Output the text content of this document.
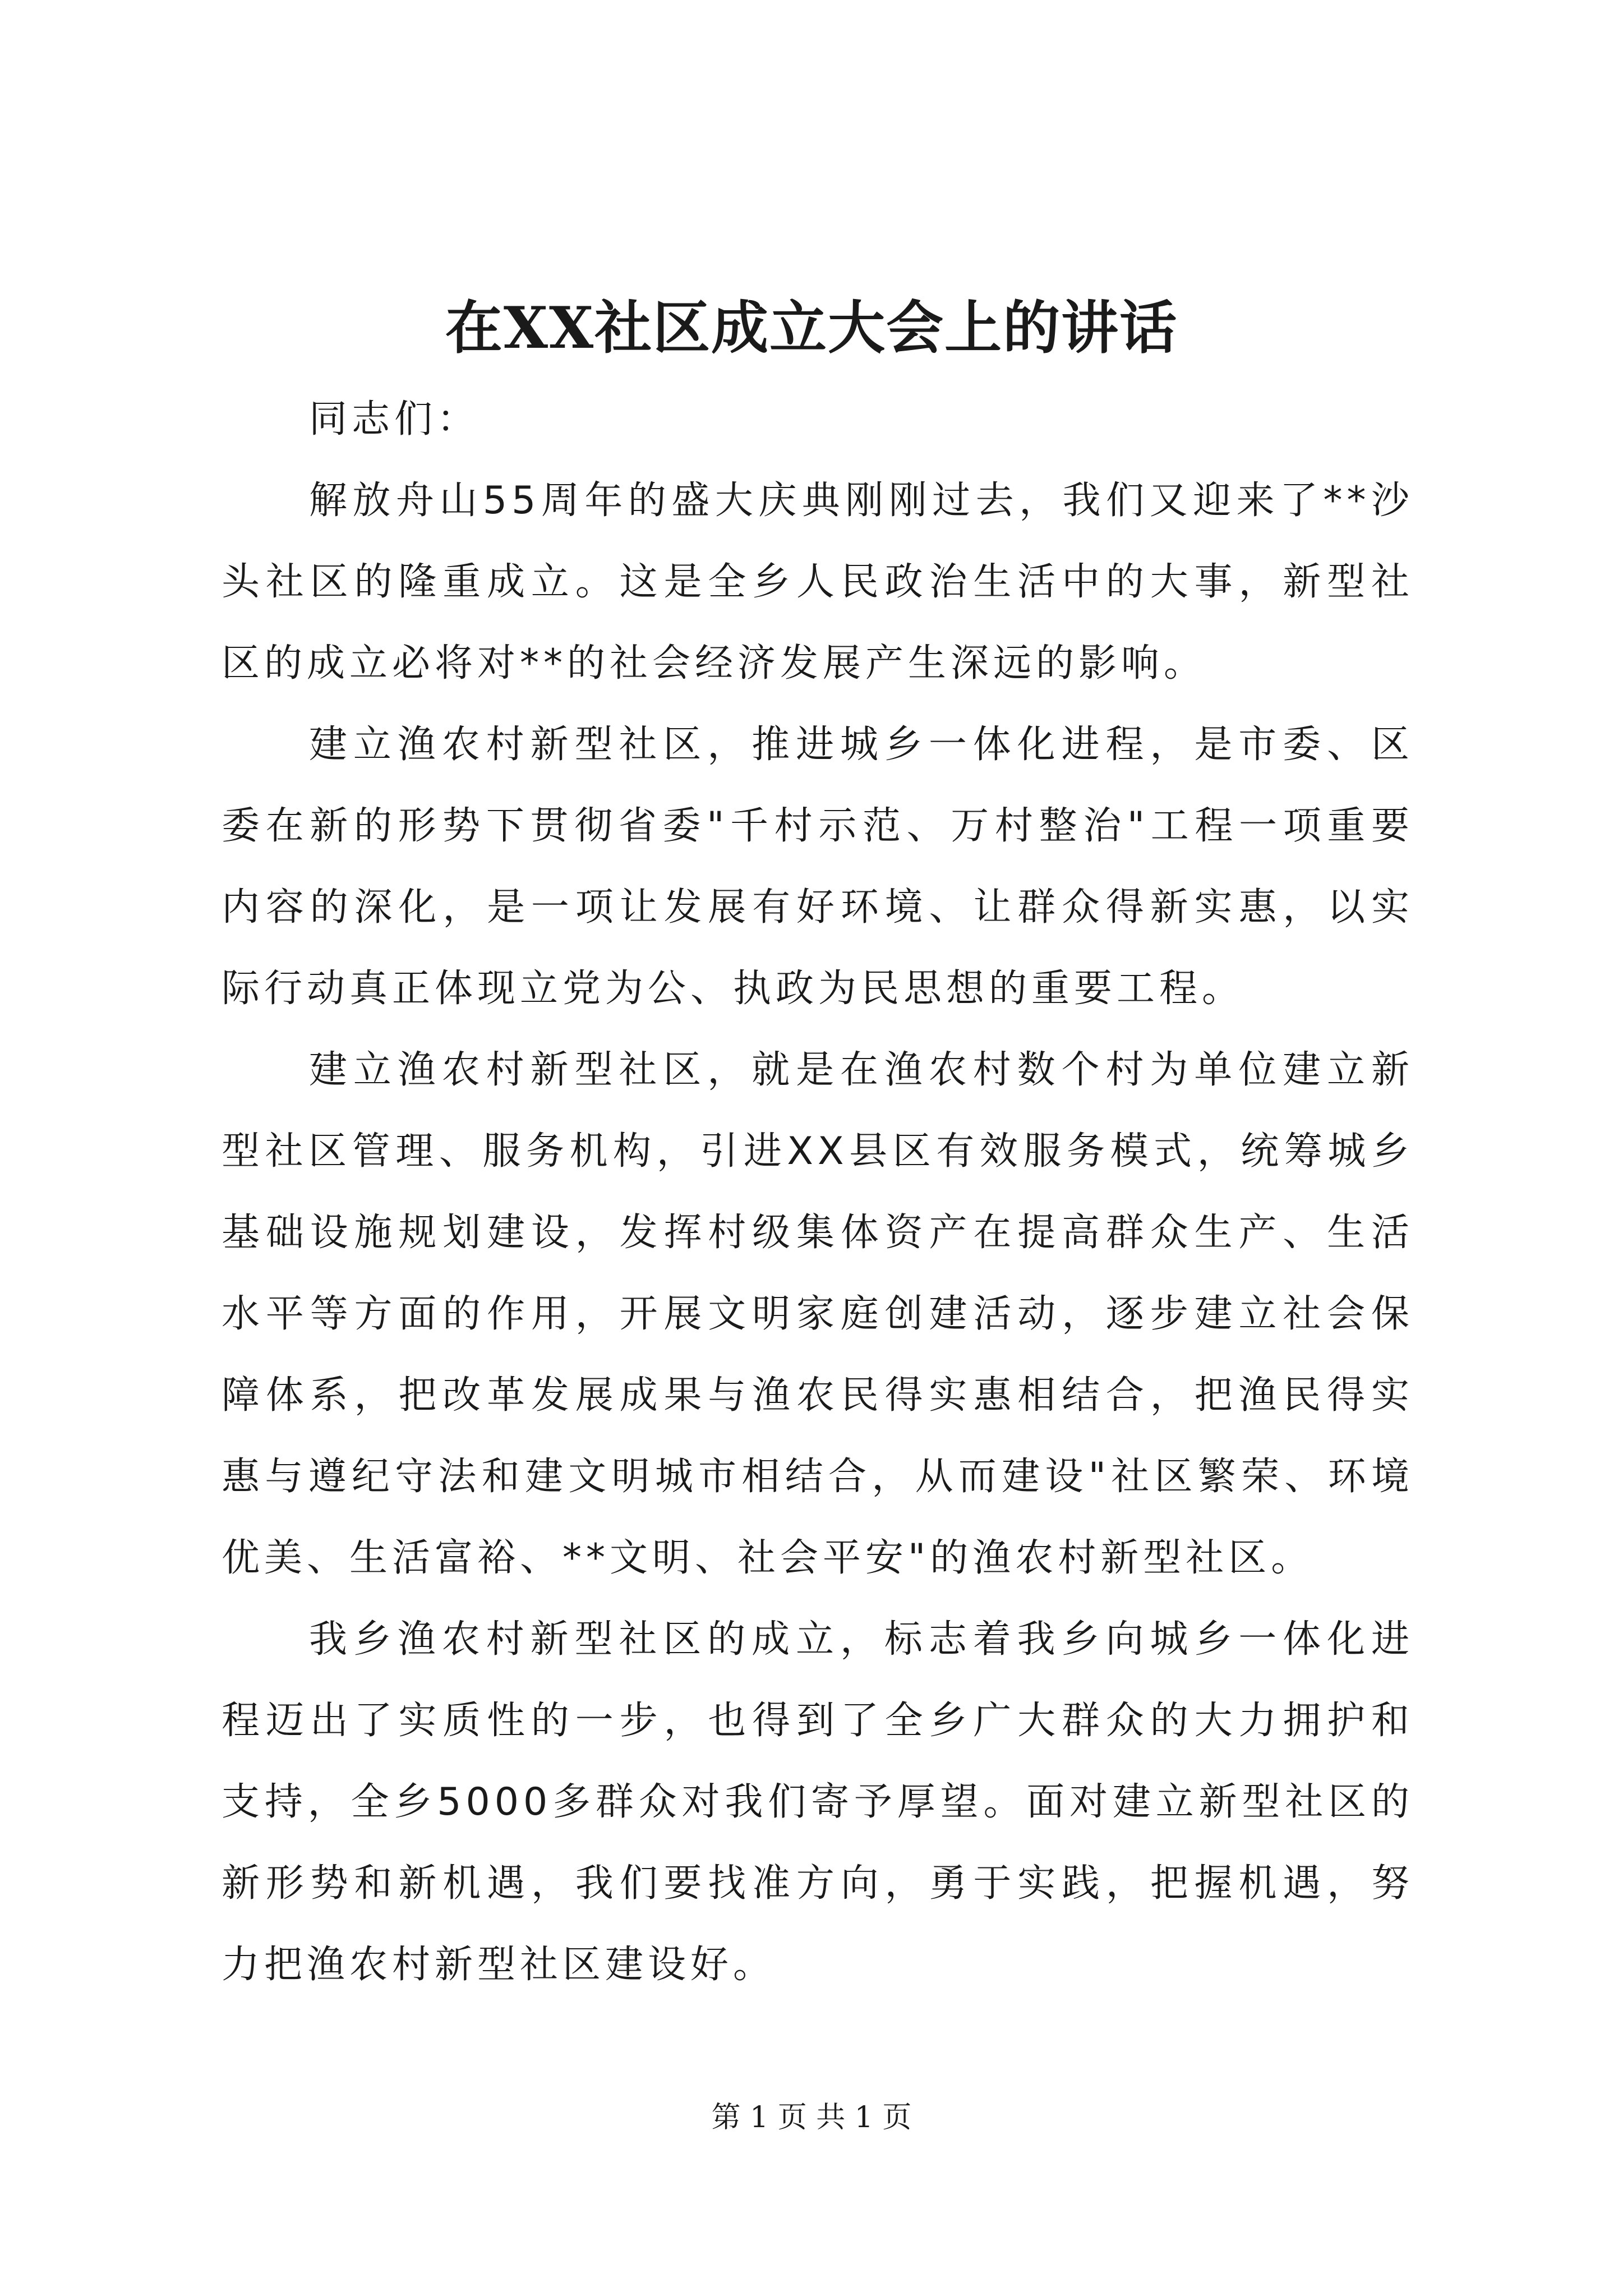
在XX社区成立大会上的讲话

同志们：

解放舟山55周年的盛大庆典刚刚过去，我们又迎来了**沙头社区的隆重成立。这是全乡人民政治生活中的大事，新型社区的成立必将对**的社会经济发展产生深远的影响。

建立渔农村新型社区，推进城乡一体化进程，是市委、区委在新的形势下贯彻省委"千村示范、万村整治"工程一项重要内容的深化，是一项让发展有好环境、让群众得新实惠，以实际行动真正体现立党为公、执政为民思想的重要工程。

建立渔农村新型社区，就是在渔农村数个村为单位建立新型社区管理、服务机构，引进XX县区有效服务模式，统筹城乡基础设施规划建设，发挥村级集体资产在提高群众生产、生活水平等方面的作用，开展文明家庭创建活动，逐步建立社会保障体系，把改革发展成果与渔农民得实惠相结合，把渔民得实惠与遵纪守法和建文明城市相结合，从而建设"社区繁荣、环境优美、生活富裕、**文明、社会平安"的渔农村新型社区。

我乡渔农村新型社区的成立，标志着我乡向城乡一体化进程迈出了实质性的一步，也得到了全乡广大群众的大力拥护和支持，全乡5000多群众对我们寄予厚望。面对建立新型社区的新形势和新机遇，我们要找准方向，勇于实践，把握机遇，努力把渔农村新型社区建设好。

第 1 页 共 1 页
